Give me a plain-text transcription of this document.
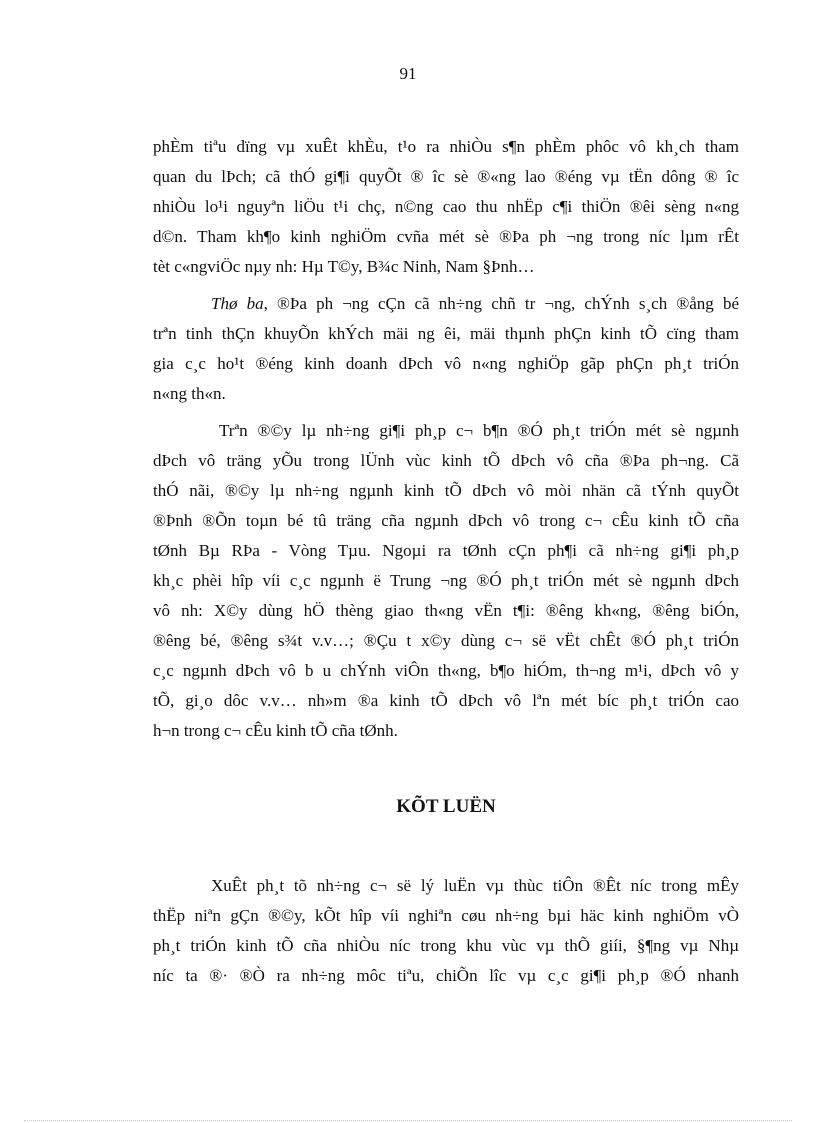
91
phÈm tiªu dïng vµ xuÊt khÈu, t¹o ra nhiÒu s¶n phÈm phôc vô kh¸ch tham
quan du lÞch; cã thÓ gi¶i quyÕt ® îc sè ®«ng lao ®éng vµ tËn dông ® îc
nhiÒu lo¹i nguyªn liÖu t¹i chç, n©ng cao thu nhËp c¶i thiÖn ®êi sèng n«ng
d©n. Tham kh¶o kinh nghiÖm cvña mét sè ®Þa ph ¬ng trong níc lµm rÊt
tèt c«ngviÖc nµy nh: Hµ T©y, B¾c Ninh, Nam §Þnh…
Thø ba, ®Þa ph ¬ng cÇn cã nh÷ng chñ tr ¬ng, chÝnh s¸ch ®ång bé
trªn tinh thÇn khuyÕn khÝch mäi ng êi, mäi thµnh phÇn kinh tÕ cïng tham
gia c¸c ho¹t ®éng kinh doanh dÞch vô n«ng nghiÖp gãp phÇn ph¸t triÓn
n«ng th«n.
Trªn ®©y lµ nh÷ng gi¶i ph¸p c¬ b¶n ®Ó ph¸t triÓn mét sè ngµnh
dÞch vô träng yÕu trong lÜnh vùc kinh tÕ dÞch vô cña ®Þa ph¬ng. Cã
thÓ nãi, ®©y lµ nh÷ng ngµnh kinh tÕ dÞch vô mòi nhän cã tÝnh quyÕt
®Þnh ®Õn toµn bé tû träng cña ngµnh dÞch vô trong c¬ cÊu kinh tÕ cña
tØnh Bµ RÞa - Vòng Tµu. Ngoµi ra tØnh cÇn ph¶i cã nh÷ng gi¶i ph¸p
kh¸c phèi hîp víi c¸c ngµnh ë Trung ¬ng ®Ó ph¸t triÓn mét sè ngµnh dÞch
vô nh: X©y dùng hÖ thèng giao th«ng vËn t¶i: ®êng kh«ng, ®êng biÓn,
®êng bé, ®êng s¾t v.v…; ®Çu t x©y dùng c¬ së vËt chÊt ®Ó ph¸t triÓn
c¸c ngµnh dÞch vô b u chÝnh viÔn th«ng, b¶o hiÓm, th¬ng m¹i, dÞch vô y
tÕ, gi¸o dôc v.v… nh»m ®a kinh tÕ dÞch vô lªn mét bíc ph¸t triÓn cao
h¬n trong c¬ cÊu kinh tÕ cña tØnh.
KÕT LUËN
XuÊt ph¸t tõ nh÷ng c¬ së lý luËn vµ thùc tiÔn ®Êt níc trong mÊy
thËp niªn gÇn ®©y, kÕt hîp víi nghiªn cøu nh÷ng bµi häc kinh nghiÖm vÒ
ph¸t triÓn kinh tÕ cña nhiÒu níc trong khu vùc vµ thÕ giíi, §¶ng vµ Nhµ
níc ta ®· ®Ò ra nh÷ng môc tiªu, chiÕn lîc vµ c¸c gi¶i ph¸p ®Ó nhanh
